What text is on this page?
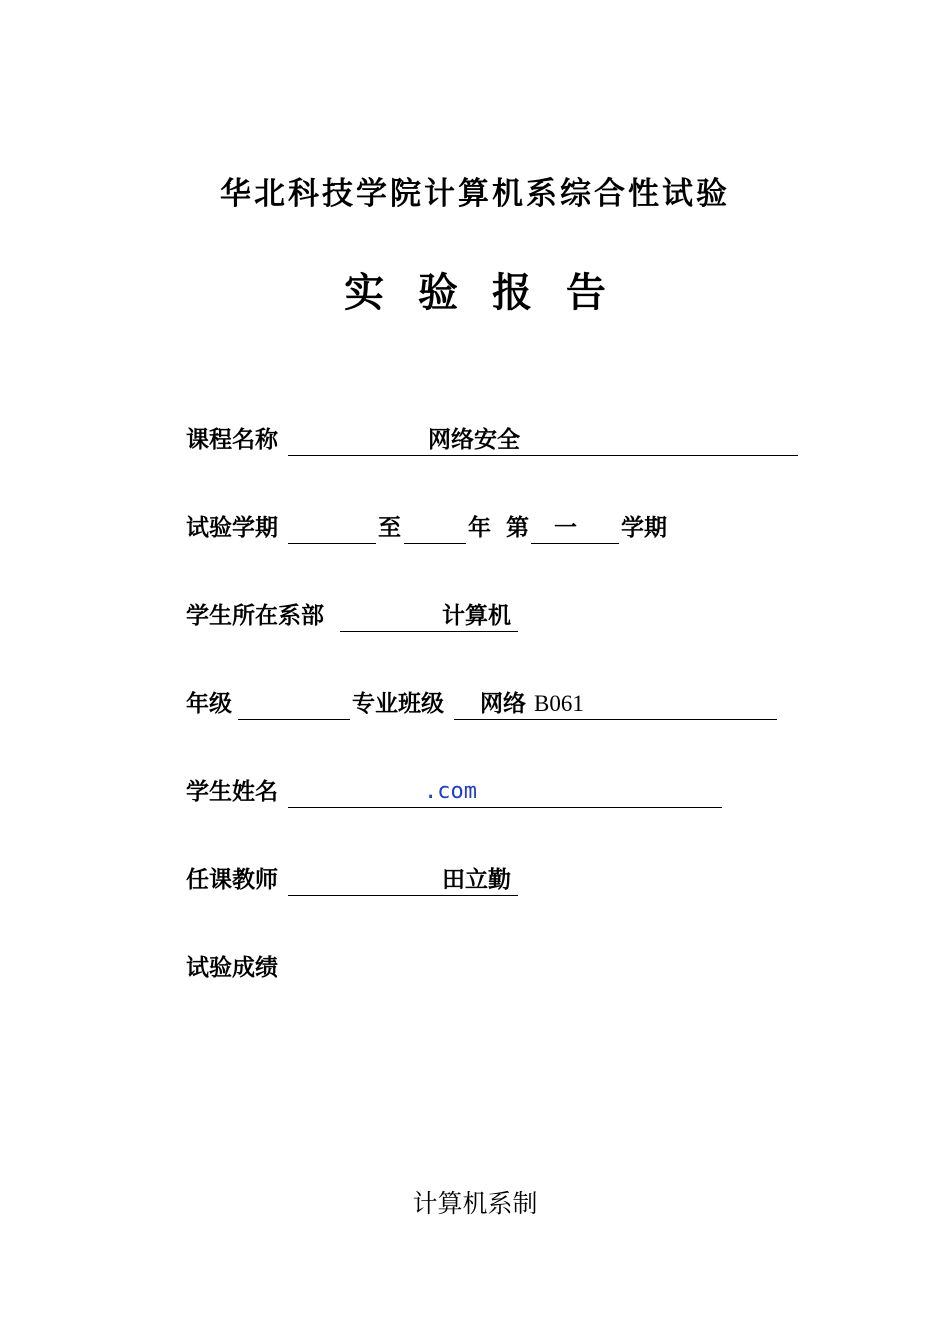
华北科技学院计算机系综合性试验
实 验 报 告
课程名称	网络安全
试验学期	至	年 第 一 学期
学生所在系部	计算机
年级	专业班级 网络 B061
学生姓名	.com
任课教师	田立勤
试验成绩
计算机系制
